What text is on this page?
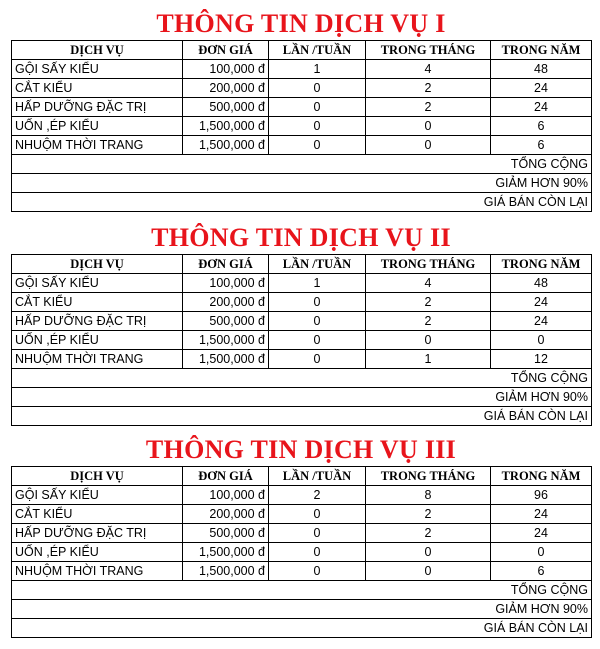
THÔNG TIN DỊCH VỤ I
DỊCH VỤ	ĐƠN GIÁ	LẦN /TUẦN	TRONG THÁNG	TRONG NĂM
GỘI SẤY KIỂU	100,000 đ	1	4	48
CẮT KIỂU	200,000 đ	0	2	24
HẤP DƯỠNG ĐẶC TRỊ	500,000 đ	0	2	24
UỐN ,ÉP KIỂU	1,500,000 đ	0	0	6
NHUỘM THỜI TRANG	1,500,000 đ	0	0	6
TỔNG CỘNG				
GIẢM HƠN 90%				
GIÁ BÁN CÒN LẠI				
THÔNG TIN DỊCH VỤ II
DỊCH VỤ	ĐƠN GIÁ	LẦN /TUẦN	TRONG THÁNG	TRONG NĂM
GỘI SẤY KIỂU	100,000 đ	1	4	48
CẮT KIỂU	200,000 đ	0	2	24
HẤP DƯỠNG ĐẶC TRỊ	500,000 đ	0	2	24
UỐN ,ÉP KIỂU	1,500,000 đ	0	0	0
NHUỘM THỜI TRANG	1,500,000 đ	0	1	12
TỔNG CỘNG				
GIẢM HƠN 90%				
GIÁ BÁN CÒN LẠI				
THÔNG TIN DỊCH VỤ III
DỊCH VỤ	ĐƠN GIÁ	LẦN /TUẦN	TRONG THÁNG	TRONG NĂM
GỘI SẤY KIỂU	100,000 đ	2	8	96
CẮT KIỂU	200,000 đ	0	2	24
HẤP DƯỠNG ĐẶC TRỊ	500,000 đ	0	2	24
UỐN ,ÉP KIỂU	1,500,000 đ	0	0	0
NHUỘM THỜI TRANG	1,500,000 đ	0	0	6
TỔNG CỘNG				
GIẢM HƠN 90%				
GIÁ BÁN CÒN LẠI				
